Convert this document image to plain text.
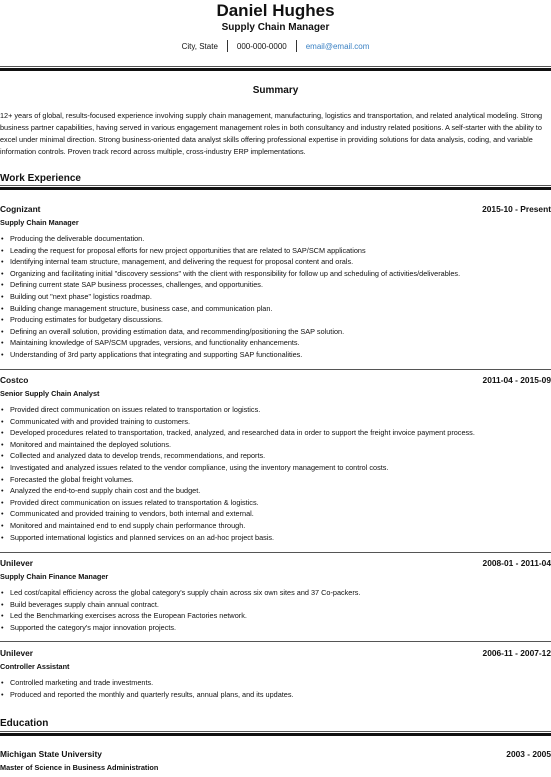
Daniel Hughes
Supply Chain Manager
City, State 000-000-0000 email@email.com
Summary

12+ years of global, results-focused experience involving supply chain management, manufacturing, logistics and transportation, and related analytical modeling. Strong business partner capabilities, having served in various engagement management roles in both consultancy and industry related positions. A self-starter with the ability to excel under minimal direction. Strong business-oriented data analyst skills offering professional expertise in providing solutions for data analysis, coding, and variable information controls. Proven track record across multiple, cross-industry ERP implementations.

Work Experience
Cognizant	2015-10 - Present
Supply Chain Manager
• Producing the deliverable documentation.
• Leading the request for proposal efforts for new project opportunities that are related to SAP/SCM applications
• Identifying internal team structure, management, and delivering the request for proposal content and orals.
• Organizing and facilitating initial "discovery sessions" with the client with responsibility for follow up and scheduling of activities/deliverables.
• Defining current state SAP business processes, challenges, and opportunities.
• Building out "next phase" logistics roadmap.
• Building change management structure, business case, and communication plan.
• Producing estimates for budgetary discussions.
• Defining an overall solution, providing estimation data, and recommending/positioning the SAP solution.
• Maintaining knowledge of SAP/SCM upgrades, versions, and functionality enhancements.
• Understanding of 3rd party applications that integrating and supporting SAP functionalities.
Costco	2011-04 - 2015-09
Senior Supply Chain Analyst
• Provided direct communication on issues related to transportation or logistics.
• Communicated with and provided training to customers.
• Developed procedures related to transportation, tracked, analyzed, and researched data in order to support the freight invoice payment process.
• Monitored and maintained the deployed solutions.
• Collected and analyzed data to develop trends, recommendations, and reports.
• Investigated and analyzed issues related to the vendor compliance, using the inventory management to control costs.
• Forecasted the global freight volumes.
• Analyzed the end-to-end supply chain cost and the budget.
• Provided direct communication on issues related to transportation & logistics.
• Communicated and provided training to vendors, both internal and external.
• Monitored and maintained end to end supply chain performance through.
• Supported international logistics and planned services on an ad-hoc project basis.
Unilever	2008-01 - 2011-04
Supply Chain Finance Manager
• Led cost/capital efficiency across the global category's supply chain across six own sites and 37 Co-packers.
• Build beverages supply chain annual contract.
• Led the Benchmarking exercises across the European Factories network.
• Supported the category's major innovation projects.
Unilever	2006-11 - 2007-12
Controller Assistant
• Controlled marketing and trade investments.
• Produced and reported the monthly and quarterly results, annual plans, and its updates.
Education
Michigan State University	2003 - 2005
Master of Science in Business Administration
